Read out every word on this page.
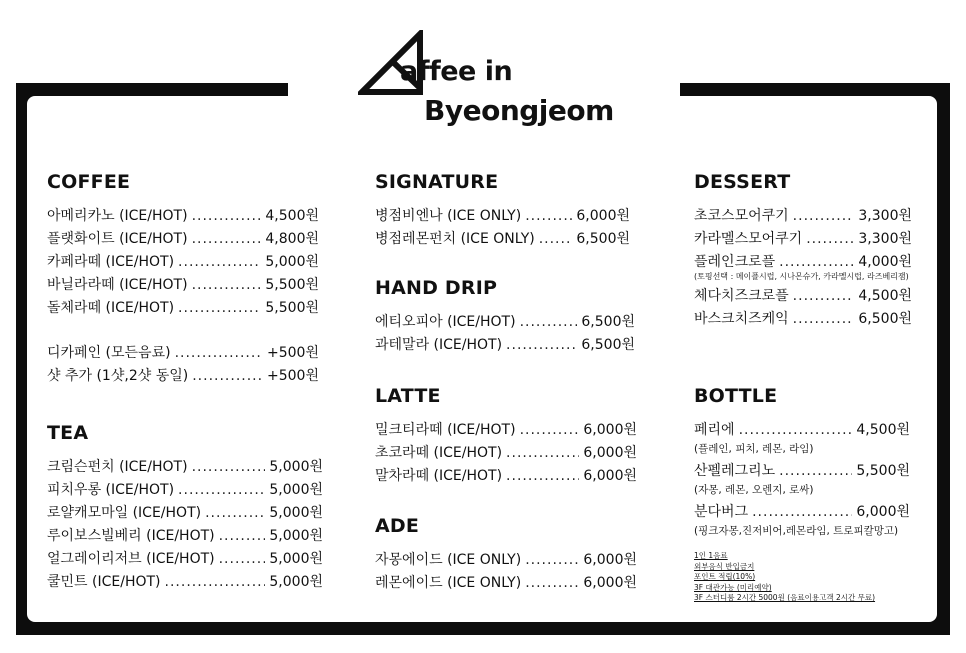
affee in
Byeongjeom
COFFEE
아메리카노 (ICE/HOT) .....	4,500원
플랫화이트 (ICE/HOT) .....	4,800원
카페라떼 (ICE/HOT) .....	5,000원
바닐라라떼 (ICE/HOT) .....	5,500원
돌체라떼 (ICE/HOT) .....	5,500원
디카페인 (모든음료) .....	+500원
샷 추가 (1샷,2샷 동일) .....	+500원
TEA
크림슨펀치 (ICE/HOT) .....	5,000원
피치우롱 (ICE/HOT) .....	5,000원
로얄캐모마일 (ICE/HOT) .....	5,000원
루이보스빌베리 (ICE/HOT) .....	5,000원
얼그레이리저브 (ICE/HOT) .....	5,000원
쿨민트 (ICE/HOT) .....	5,000원
SIGNATURE
병점비엔나 (ICE ONLY) .....	6,000원
병점레몬펀치 (ICE ONLY) .....	6,500원
HAND DRIP
에티오피아 (ICE/HOT) .....	6,500원
과테말라 (ICE/HOT) .....	6,500원
LATTE
밀크티라떼 (ICE/HOT) .....	6,000원
초코라떼 (ICE/HOT) .....	6,000원
말차라떼 (ICE/HOT) .....	6,000원
ADE
자몽에이드 (ICE ONLY) .....	6,000원
레몬에이드 (ICE ONLY) .....	6,000원
DESSERT
초코스모어쿠기 .....	3,300원
카라멜스모어쿠기 .....	3,300원
플레인크로플 .....	4,000원
(토핑선택 : 메이플시럽, 시나몬슈가, 카라멜시럽, 라즈베리잼)
체다치즈크로플 .....	4,500원
바스크치즈케익 .....	6,500원
BOTTLE
페리에 .....	4,500원
(플레인, 피치, 레몬, 라임)
산펠레그리노 .....	5,500원
(자몽, 레몬, 오렌지, 로싸)
분다버그 .....	6,000원
(핑크자몽,진저비어,레몬라임, 트로피칼망고)
1인 1음료
외부음식 반입금지
포인트 적립(10%)
3F 대관가능 (미리예약)
3F 스터디룸 2시간 5000원 (음료이용고객 2시간 무료)
